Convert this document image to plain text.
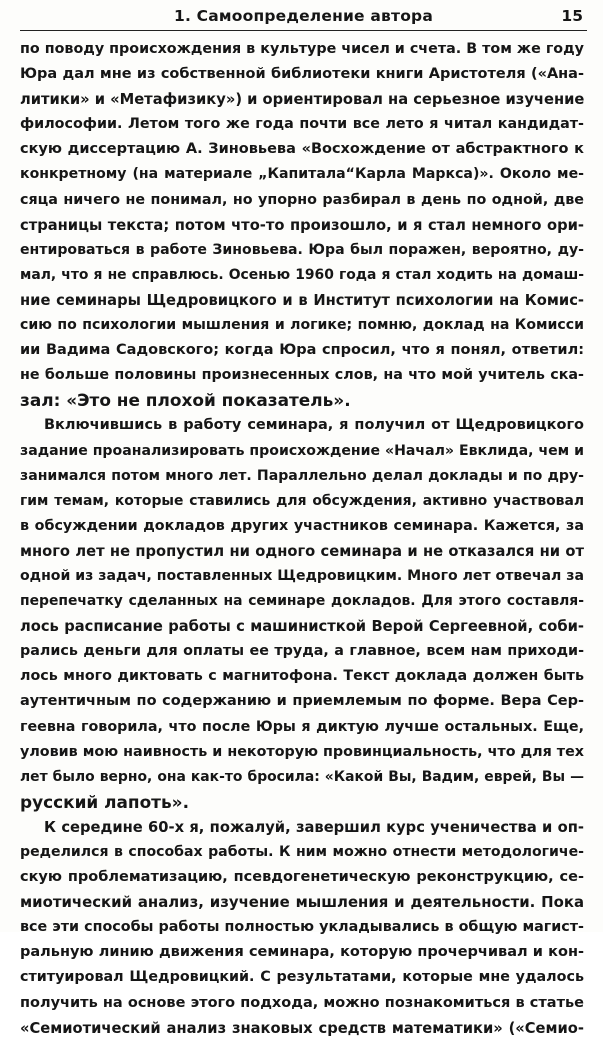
1. Самоопределение автора	15
по поводу происхождения в культуре чисел и счета. В том же году
Юра дал мне из собственной библиотеки книги Аристотеля («Ана-
литики» и «Метафизику») и ориентировал на серьезное изучение
философии. Летом того же года почти все лето я читал кандидат-
скую диссертацию А. Зиновьева «Восхождение от абстрактного к
конкретному (на материале „Капитала“Карла Маркса)». Около ме-
сяца ничего не понимал, но упорно разбирал в день по одной, две
страницы текста; потом что-то произошло, и я стал немного ори-
ентироваться в работе Зиновьева. Юра был поражен, вероятно, ду-
мал, что я не справлюсь. Осенью 1960 года я стал ходить на домаш-
ние семинары Щедровицкого и в Институт психологии на Комис-
сию по психологии мышления и логике; помню, доклад на Комисси
ии Вадима Садовского; когда Юра спросил, что я понял, ответил:
не больше половины произнесенных слов, на что мой учитель ска-
зал: «Это не плохой показатель».
Включившись в работу семинара, я получил от Щедровицкого
задание проанализировать происхождение «Начал» Евклида, чем и
занимался потом много лет. Параллельно делал доклады и по дру-
гим темам, которые ставились для обсуждения, активно участвовал
в обсуждении докладов других участников семинара. Кажется, за
много лет не пропустил ни одного семинара и не отказался ни от
одной из задач, поставленных Щедровицким. Много лет отвечал за
перепечатку сделанных на семинаре докладов. Для этого составля-
лось расписание работы с машинисткой Верой Сергеевной, соби-
рались деньги для оплаты ее труда, а главное, всем нам приходи-
лось много диктовать с магнитофона. Текст доклада должен быть
аутентичным по содержанию и приемлемым по форме. Вера Сер-
геевна говорила, что после Юры я диктую лучше остальных. Еще,
уловив мою наивность и некоторую провинциальность, что для тех
лет было верно, она как-то бросила: «Какой Вы, Вадим, еврей, Вы —
русский лапоть».
К середине 60-х я, пожалуй, завершил курс ученичества и оп-
ределился в способах работы. К ним можно отнести методологиче-
скую проблематизацию, псевдогенетическую реконструкцию, се-
миотический анализ, изучение мышления и деятельности. Пока
все эти способы работы полностью укладывались в общую магист-
ральную линию движения семинара, которую прочерчивал и кон-
ституировал Щедровицкий. С результатами, которые мне удалось
получить на основе этого подхода, можно познакомиться в статье
«Семиотический анализ знаковых средств математики» («Семио-
